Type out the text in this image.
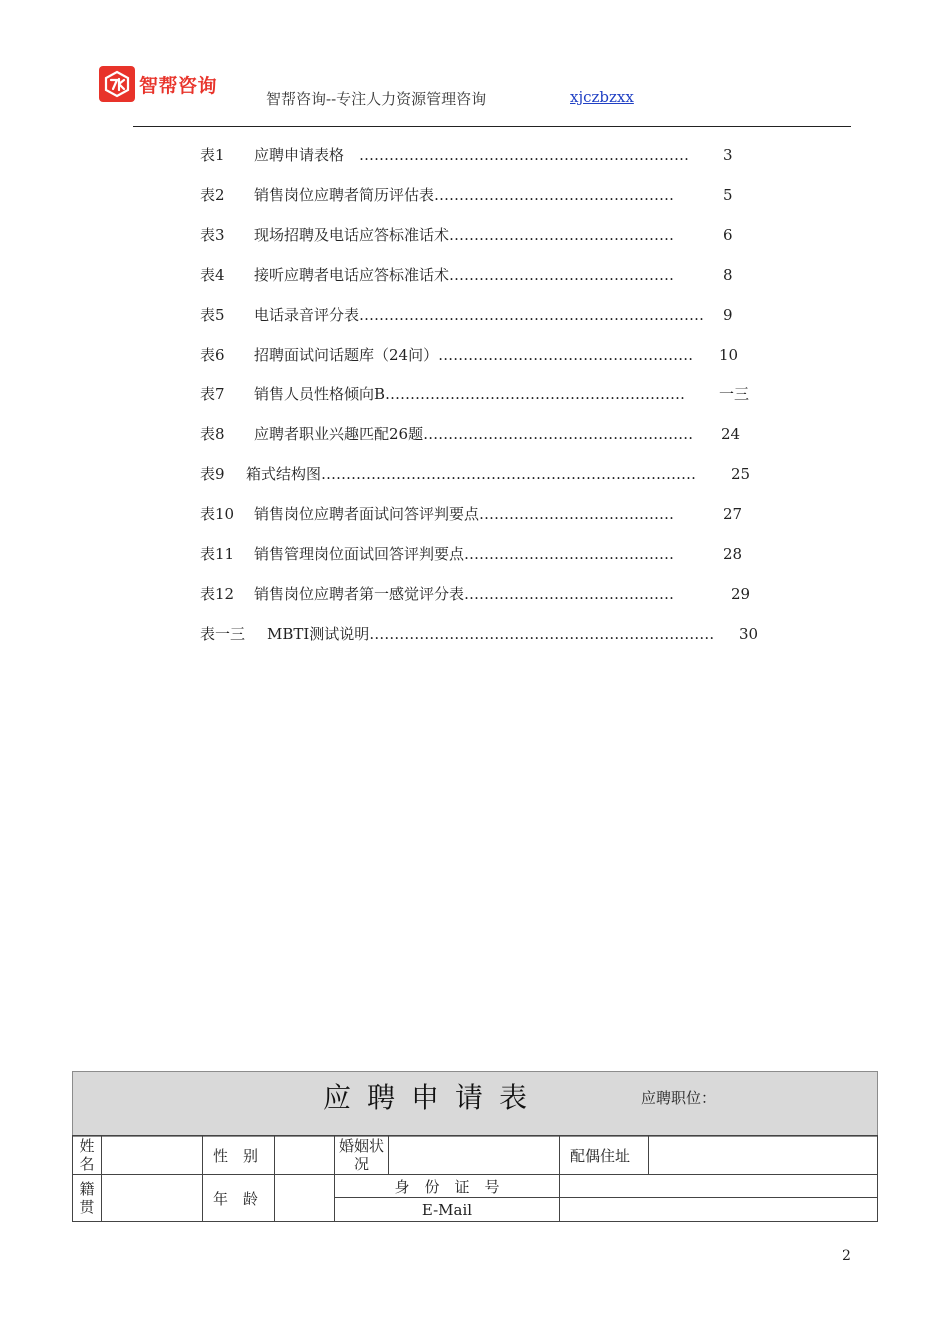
智帮咨询
智帮咨询--专注人力资源管理咨询	xjczbzxx
表1 应聘申请表格　…………………………………………………………	3
表2 销售岗位应聘者简历评估表…………………………………………	5
表3 现场招聘及电话应答标准话术………………………………………	6
表4 接听应聘者电话应答标准话术………………………………………	8
表5 电话录音评分表……………………………………………………………	9
表6 招聘面试问话题库（24问）……………………………………………	10
表7 销售人员性格倾向B……………………………………………………	一三
表8 应聘者职业兴趣匹配26题………………………………………………	24
表9 箱式结构图…………………………………………………………………	25
表10 销售岗位应聘者面试问答评判要点…………………………………	27
表11 销售管理岗位面试回答评判要点……………………………………	28
表12 销售岗位应聘者第一感觉评分表……………………………………	29
表一三 MBTI测试说明……………………………………………………………	30
应聘申请表	应聘职位：
姓名		性　别		婚姻状况		配偶住址	
籍贯		年　龄		身　份　证　号			
				E-Mail			
2
